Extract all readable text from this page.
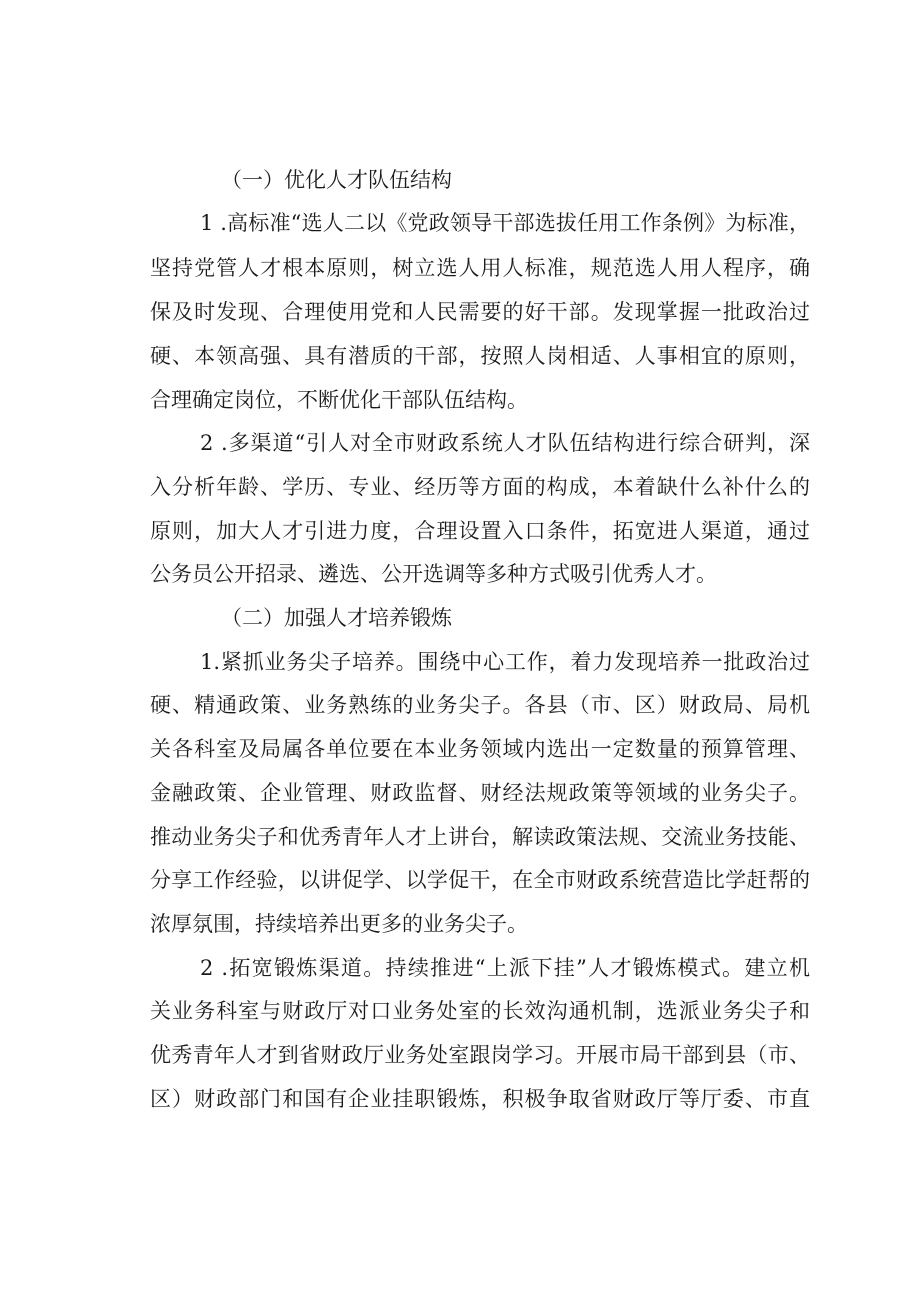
（一）优化人才队伍结构
1 .高标准“选人二以《党政领导干部选拔任用工作条例》为标准，
坚持党管人才根本原则，树立选人用人标准，规范选人用人程序，确
保及时发现、合理使用党和人民需要的好干部。发现掌握一批政治过
硬、本领高强、具有潜质的干部，按照人岗相适、人事相宜的原则，
合理确定岗位，不断优化干部队伍结构。
2 .多渠道“引人对全市财政系统人才队伍结构进行综合研判，深
入分析年龄、学历、专业、经历等方面的构成，本着缺什么补什么的
原则，加大人才引进力度，合理设置入口条件，拓宽进人渠道，通过
公务员公开招录、遴选、公开选调等多种方式吸引优秀人才。
（二）加强人才培养锻炼
1.紧抓业务尖子培养。围绕中心工作，着力发现培养一批政治过
硬、精通政策、业务熟练的业务尖子。各县（市、区）财政局、局机
关各科室及局属各单位要在本业务领域内选出一定数量的预算管理、
金融政策、企业管理、财政监督、财经法规政策等领域的业务尖子。
推动业务尖子和优秀青年人才上讲台，解读政策法规、交流业务技能、
分享工作经验，以讲促学、以学促干，在全市财政系统营造比学赶帮的
浓厚氛围，持续培养出更多的业务尖子。
2 .拓宽锻炼渠道。持续推进“上派下挂”人才锻炼模式。建立机
关业务科室与财政厅对口业务处室的长效沟通机制，选派业务尖子和
优秀青年人才到省财政厅业务处室跟岗学习。开展市局干部到县（市、
区）财政部门和国有企业挂职锻炼，积极争取省财政厅等厅委、市直
